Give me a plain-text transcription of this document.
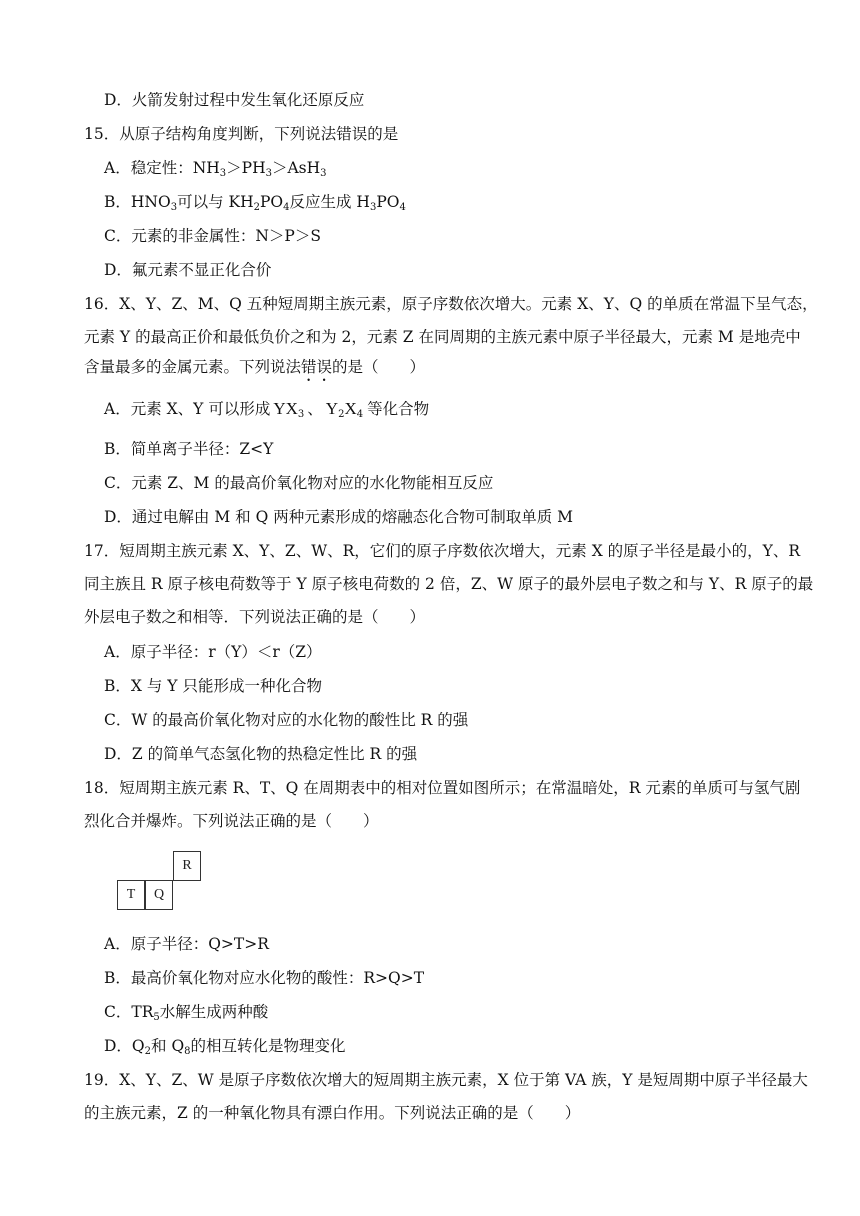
D．火箭发射过程中发生氧化还原反应
15．从原子结构角度判断，下列说法错误的是
A．稳定性：$NH_3>PH_3>AsH_3$
B．$HNO_3$可以与 $KH_2PO_4$反应生成 $H_3PO_4$
C．元素的非金属性：N＞P＞S
D．氟元素不显正化合价
16．X、Y、Z、M、Q 五种短周期主族元素，原子序数依次增大。元素 X、Y、Q 的单质在常温下呈气态，
元素 Y 的最高正价和最低负价之和为 2，元素 Z 在同周期的主族元素中原子半径最大，元素 M 是地壳中
含量最多的金属元素。下列说法错误的是（　　）
A．元素 X、Y 可以形成 $YX_3$ 、 $Y_2X_4$ 等化合物
B．简单离子半径：Z<Y
C．元素 Z、M 的最高价氧化物对应的水化物能相互反应
D．通过电解由 M 和 Q 两种元素形成的熔融态化合物可制取单质 M
17．短周期主族元素 X、Y、Z、W、R，它们的原子序数依次增大，元素 X 的原子半径是最小的，Y、R
同主族且 R 原子核电荷数等于 Y 原子核电荷数的 2 倍，Z、W 原子的最外层电子数之和与 Y、R 原子的最
外层电子数之和相等．下列说法正确的是（　　）
A．原子半径：r（Y）＜r（Z）
B．X 与 Y 只能形成一种化合物
C．W 的最高价氧化物对应的水化物的酸性比 R 的强
D．Z 的简单气态氢化物的热稳定性比 R 的强
18．短周期主族元素 R、T、Q 在周期表中的相对位置如图所示；在常温暗处，R 元素的单质可与氢气剧
烈化合并爆炸。下列说法正确的是（　　）
R
T	Q
A．原子半径：Q>T>R
B．最高价氧化物对应水化物的酸性：R>Q>T
C．$TR_5$水解生成两种酸
D．$Q_2$和 $Q_8$的相互转化是物理变化
19．X、Y、Z、W 是原子序数依次增大的短周期主族元素，X 位于第 VA 族，Y 是短周期中原子半径最大
的主族元素，Z 的一种氧化物具有漂白作用。下列说法正确的是（　　）
